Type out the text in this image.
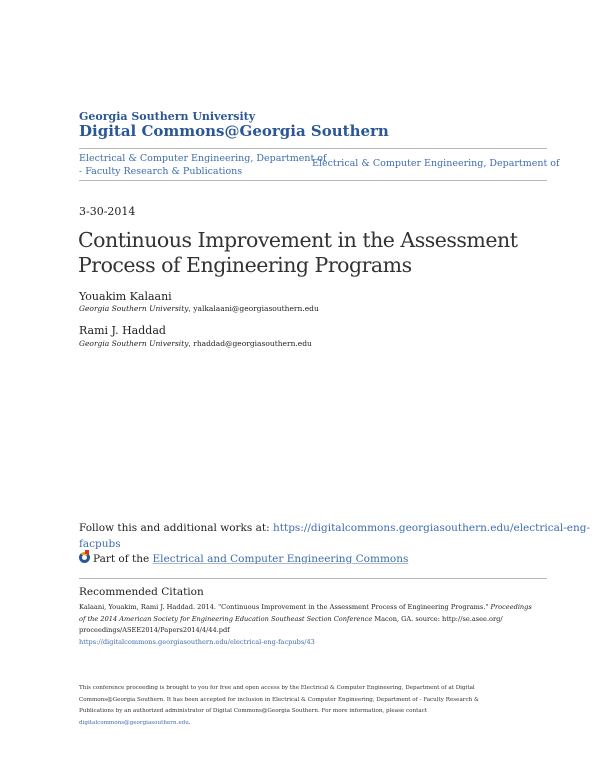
Georgia Southern University
Digital Commons@Georgia Southern
Electrical & Computer Engineering, Department of
- Faculty Research & Publications
Electrical & Computer Engineering, Department of
3-30-2014
Continuous Improvement in the Assessment
Process of Engineering Programs
Youakim Kalaani
Georgia Southern University, yalkalaani@georgiasouthern.edu
Rami J. Haddad
Georgia Southern University, rhaddad@georgiasouthern.edu
Follow this and additional works at: https://digitalcommons.georgiasouthern.edu/electrical-eng-
facpubs
Part of the Electrical and Computer Engineering Commons
Recommended Citation
Kalaani, Youakim, Rami J. Haddad. 2014. "Continuous Improvement in the Assessment Process of Engineering Programs." Proceedings
of the 2014 American Society for Engineering Education Southeast Section Conference Macon, GA. source: http://se.asee.org/
proceedings/ASEE2014/Papers2014/4/44.pdf
https://digitalcommons.georgiasouthern.edu/electrical-eng-facpubs/43
This conference proceeding is brought to you for free and open access by the Electrical & Computer Engineering, Department of at Digital
Commons@Georgia Southern. It has been accepted for inclusion in Electrical & Computer Engineering, Department of - Faculty Research &
Publications by an authorized administrator of Digital Commons@Georgia Southern. For more information, please contact
digitalcommons@georgiasouthern.edu.
